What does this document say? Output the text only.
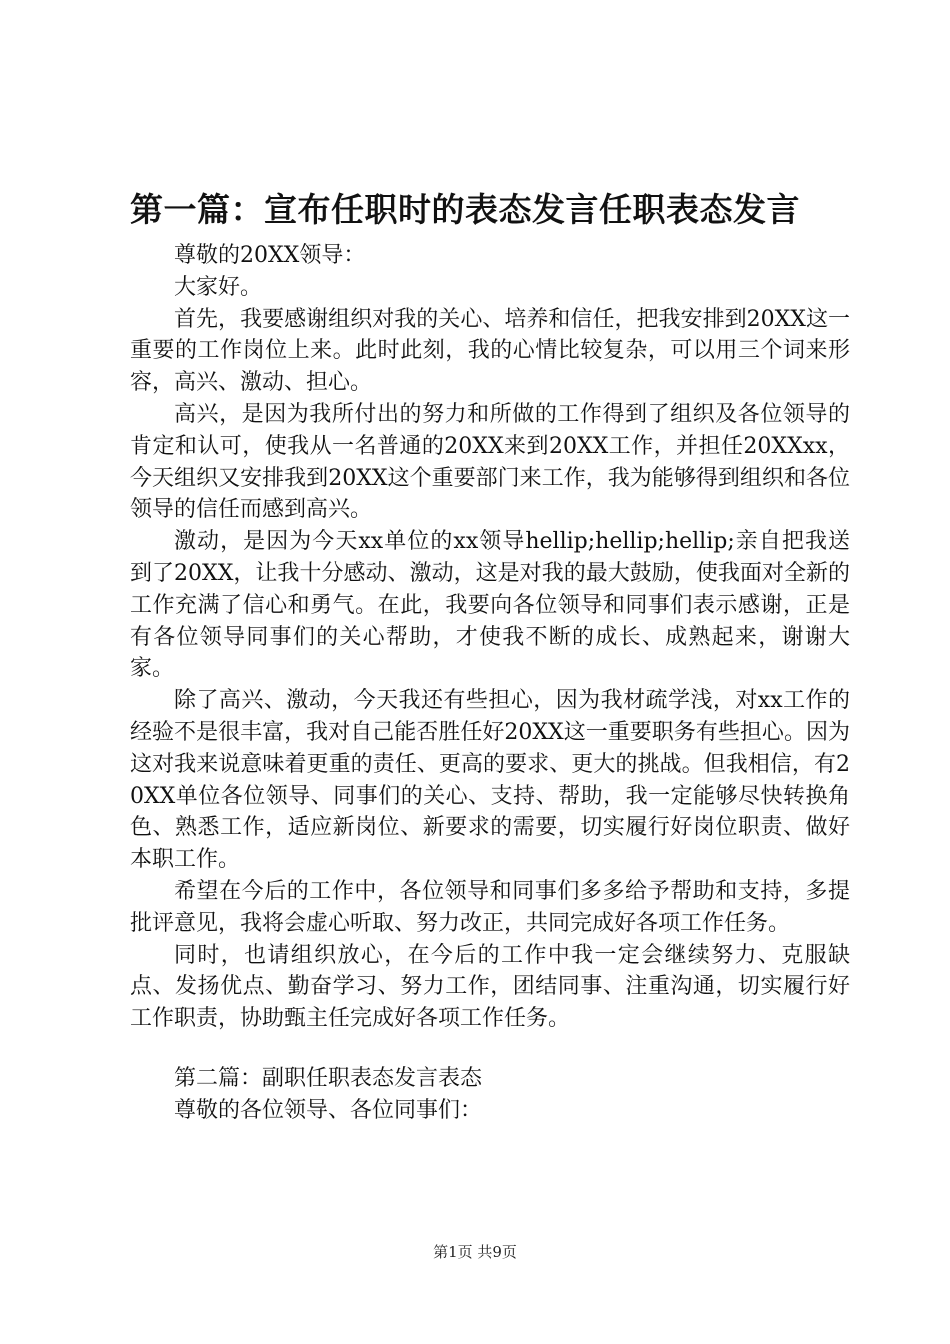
第一篇：宣布任职时的表态发言任职表态发言

尊敬的20XX领导：

大家好。

首先，我要感谢组织对我的关心、培养和信任，把我安排到20XX这一重要的工作岗位上来。此时此刻，我的心情比较复杂，可以用三个词来形容，高兴、激动、担心。

高兴，是因为我所付出的努力和所做的工作得到了组织及各位领导的肯定和认可，使我从一名普通的20XX来到20XX工作，并担任20XXxx，今天组织又安排我到20XX这个重要部门来工作，我为能够得到组织和各位领导的信任而感到高兴。

激动，是因为今天xx单位的xx领导hellip;hellip;hellip;亲自把我送到了20XX，让我十分感动、激动，这是对我的最大鼓励，使我面对全新的工作充满了信心和勇气。在此，我要向各位领导和同事们表示感谢，正是有各位领导同事们的关心帮助，才使我不断的成长、成熟起来，谢谢大家。

除了高兴、激动，今天我还有些担心，因为我材疏学浅，对xx工作的经验不是很丰富，我对自己能否胜任好20XX这一重要职务有些担心。因为这对我来说意味着更重的责任、更高的要求、更大的挑战。但我相信，有20XX单位各位领导、同事们的关心、支持、帮助，我一定能够尽快转换角色、熟悉工作，适应新岗位、新要求的需要，切实履行好岗位职责、做好本职工作。

希望在今后的工作中，各位领导和同事们多多给予帮助和支持，多提批评意见，我将会虚心听取、努力改正，共同完成好各项工作任务。

同时，也请组织放心，在今后的工作中我一定会继续努力、克服缺点、发扬优点、勤奋学习、努力工作，团结同事、注重沟通，切实履行好工作职责，协助甄主任完成好各项工作任务。

第二篇：副职任职表态发言表态

尊敬的各位领导、各位同事们：

第1页 共9页
